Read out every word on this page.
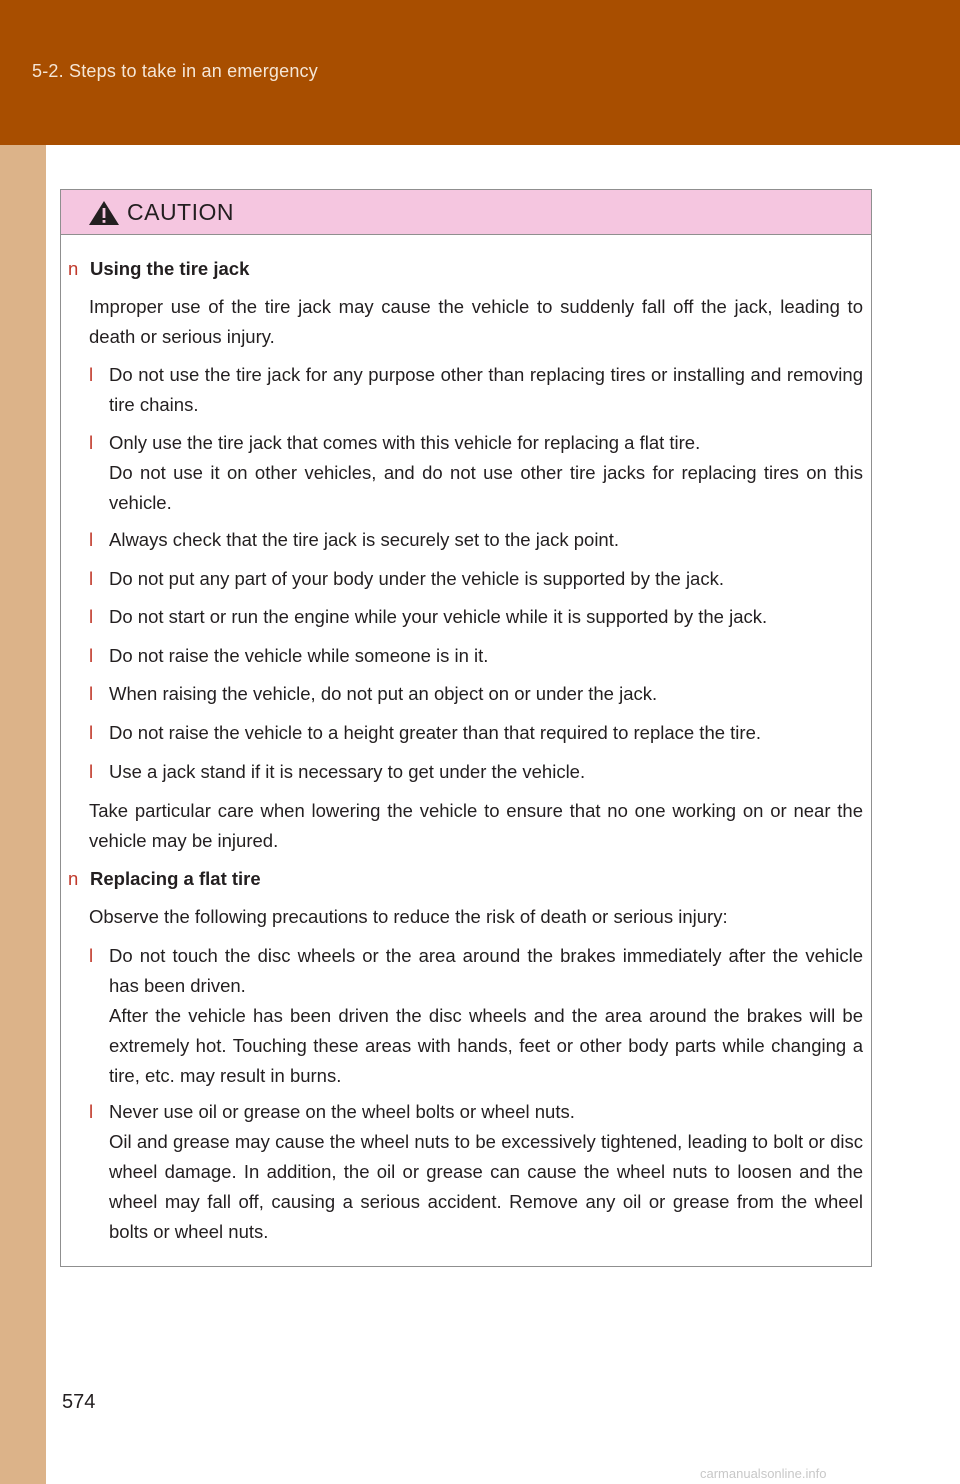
5-2. Steps to take in an emergency
CAUTION
n Using the tire jack
Improper use of the tire jack may cause the vehicle to suddenly fall off the jack, leading to death or serious injury.
l Do not use the tire jack for any purpose other than replacing tires or installing and removing tire chains.
l Only use the tire jack that comes with this vehicle for replacing a flat tire.
Do not use it on other vehicles, and do not use other tire jacks for replacing tires on this vehicle.
l Always check that the tire jack is securely set to the jack point.
l Do not put any part of your body under the vehicle is supported by the jack.
l Do not start or run the engine while your vehicle while it is supported by the jack.
l Do not raise the vehicle while someone is in it.
l When raising the vehicle, do not put an object on or under the jack.
l Do not raise the vehicle to a height greater than that required to replace the tire.
l Use a jack stand if it is necessary to get under the vehicle.
Take particular care when lowering the vehicle to ensure that no one working on or near the vehicle may be injured.
n Replacing a flat tire
Observe the following precautions to reduce the risk of death or serious injury:
l Do not touch the disc wheels or the area around the brakes immediately after the vehicle has been driven.
After the vehicle has been driven the disc wheels and the area around the brakes will be extremely hot. Touching these areas with hands, feet or other body parts while changing a tire, etc. may result in burns.
l Never use oil or grease on the wheel bolts or wheel nuts.
Oil and grease may cause the wheel nuts to be excessively tightened, leading to bolt or disc wheel damage. In addition, the oil or grease can cause the wheel nuts to loosen and the wheel may fall off, causing a serious accident. Remove any oil or grease from the wheel bolts or wheel nuts.
574
carmanualsonline.info
